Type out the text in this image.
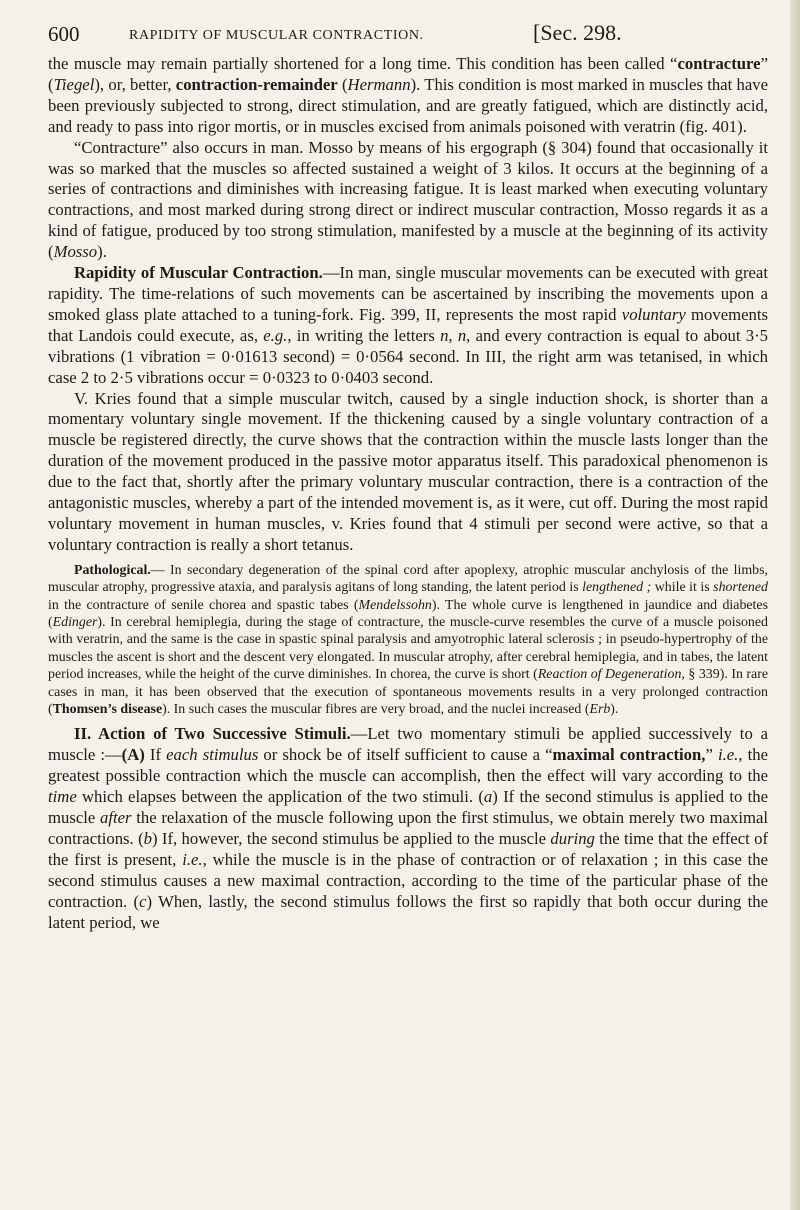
600	RAPIDITY OF MUSCULAR CONTRACTION.	[Sec. 298.

the muscle may remain partially shortened for a long time. This condition has been called “contracture” (Tiegel), or, better, contraction-remainder (Hermann). This condition is most marked in muscles that have been previously subjected to strong, direct stimulation, and are greatly fatigued, which are distinctly acid, and ready to pass into rigor mortis, or in muscles excised from animals poisoned with veratrin (fig. 401).

“Contracture” also occurs in man. Mosso by means of his ergograph (§ 304) found that occasionally it was so marked that the muscles so affected sustained a weight of 3 kilos. It occurs at the beginning of a series of contractions and diminishes with increasing fatigue. It is least marked when executing voluntary contractions, and most marked during strong direct or indirect muscular contraction, Mosso regards it as a kind of fatigue, produced by too strong stimulation, manifested by a muscle at the beginning of its activity (Mosso).

Rapidity of Muscular Contraction.—In man, single muscular movements can be executed with great rapidity. The time-relations of such movements can be ascertained by inscribing the movements upon a smoked glass plate attached to a tuning-fork. Fig. 399, II, represents the most rapid voluntary movements that Landois could execute, as, e.g., in writing the letters n, n, and every contraction is equal to about 3·5 vibrations (1 vibration = 0·01613 second) = 0·0564 second. In III, the right arm was tetanised, in which case 2 to 2·5 vibrations occur = 0·0323 to 0·0403 second.

V. Kries found that a simple muscular twitch, caused by a single induction shock, is shorter than a momentary voluntary single movement. If the thickening caused by a single voluntary contraction of a muscle be registered directly, the curve shows that the contraction within the muscle lasts longer than the duration of the movement produced in the passive motor apparatus itself. This paradoxical phenomenon is due to the fact that, shortly after the primary voluntary muscular contraction, there is a contraction of the antagonistic muscles, whereby a part of the intended movement is, as it were, cut off. During the most rapid voluntary movement in human muscles, v. Kries found that 4 stimuli per second were active, so that a voluntary contraction is really a short tetanus.

Pathological.— In secondary degeneration of the spinal cord after apoplexy, atrophic muscular anchylosis of the limbs, muscular atrophy, progressive ataxia, and paralysis agitans of long standing, the latent period is lengthened ; while it is shortened in the contracture of senile chorea and spastic tabes (Mendelssohn). The whole curve is lengthened in jaundice and diabetes (Edinger). In cerebral hemiplegia, during the stage of contracture, the muscle-curve resembles the curve of a muscle poisoned with veratrin, and the same is the case in spastic spinal paralysis and amyotrophic lateral sclerosis ; in pseudo-hypertrophy of the muscles the ascent is short and the descent very elongated. In muscular atrophy, after cerebral hemiplegia, and in tabes, the latent period increases, while the height of the curve diminishes. In chorea, the curve is short (Reaction of Degeneration, § 339). In rare cases in man, it has been observed that the execution of spontaneous movements results in a very prolonged contraction (Thomsen’s disease). In such cases the muscular fibres are very broad, and the nuclei increased (Erb).

II. Action of Two Successive Stimuli.—Let two momentary stimuli be applied successively to a muscle :—(A) If each stimulus or shock be of itself sufficient to cause a “maximal contraction,” i.e., the greatest possible contraction which the muscle can accomplish, then the effect will vary according to the time which elapses between the application of the two stimuli. (a) If the second stimulus is applied to the muscle after the relaxation of the muscle following upon the first stimulus, we obtain merely two maximal contractions. (b) If, however, the second stimulus be applied to the muscle during the time that the effect of the first is present, i.e., while the muscle is in the phase of contraction or of relaxation ; in this case the second stimulus causes a new maximal contraction, according to the time of the particular phase of the contraction. (c) When, lastly, the second stimulus follows the first so rapidly that both occur during the latent period, we
